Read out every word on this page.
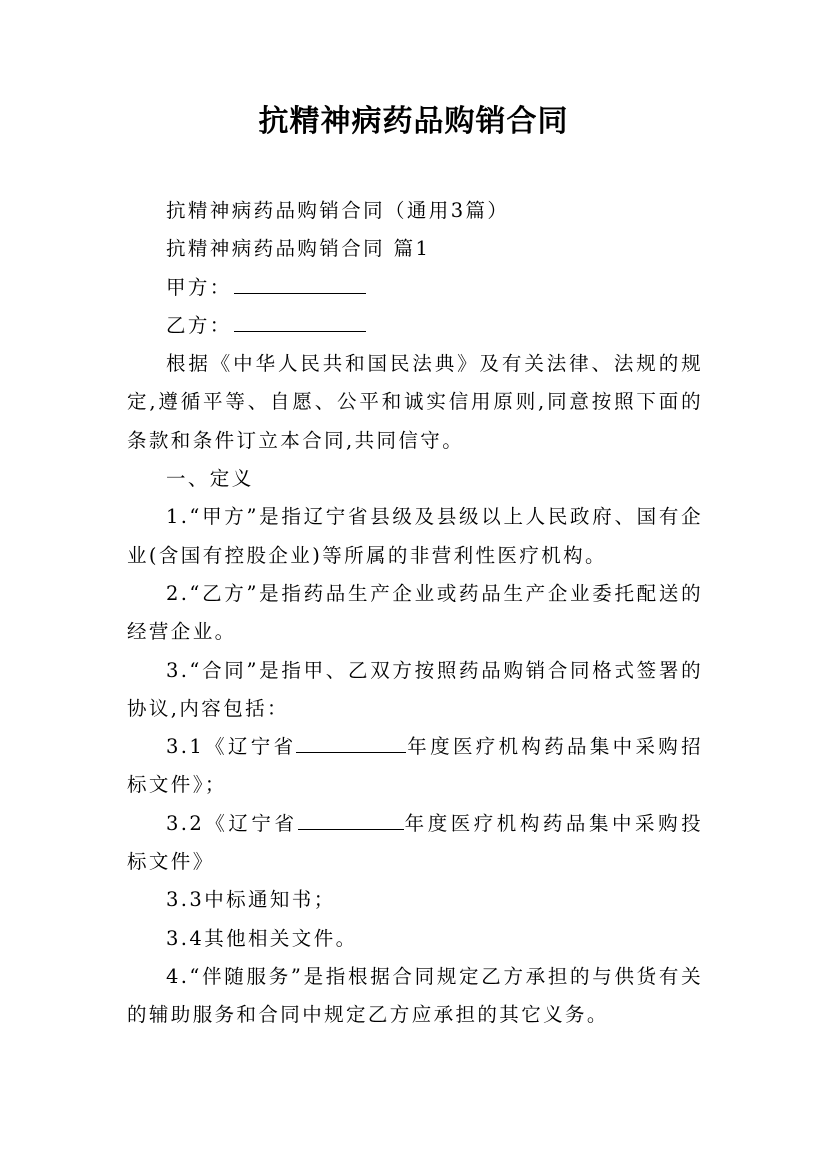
抗精神病药品购销合同

抗精神病药品购销合同（通用3篇）

抗精神病药品购销合同 篇1

甲方：

乙方：

根据《中华人民共和国民法典》及有关法律、法规的规定,遵循平等、自愿、公平和诚实信用原则,同意按照下面的条款和条件订立本合同,共同信守。

一、定义

1.“甲方”是指辽宁省县级及县级以上人民政府、国有企业(含国有控股企业)等所属的非营利性医疗机构。

2.“乙方”是指药品生产企业或药品生产企业委托配送的经营企业。

3.“合同”是指甲、乙双方按照药品购销合同格式签署的协议,内容包括：

3.1《辽宁省	年度医疗机构药品集中采购招标文件》；

3.2《辽宁省	年度医疗机构药品集中采购投标文件》

3.3中标通知书；

3.4其他相关文件。

4.“伴随服务”是指根据合同规定乙方承担的与供货有关的辅助服务和合同中规定乙方应承担的其它义务。
